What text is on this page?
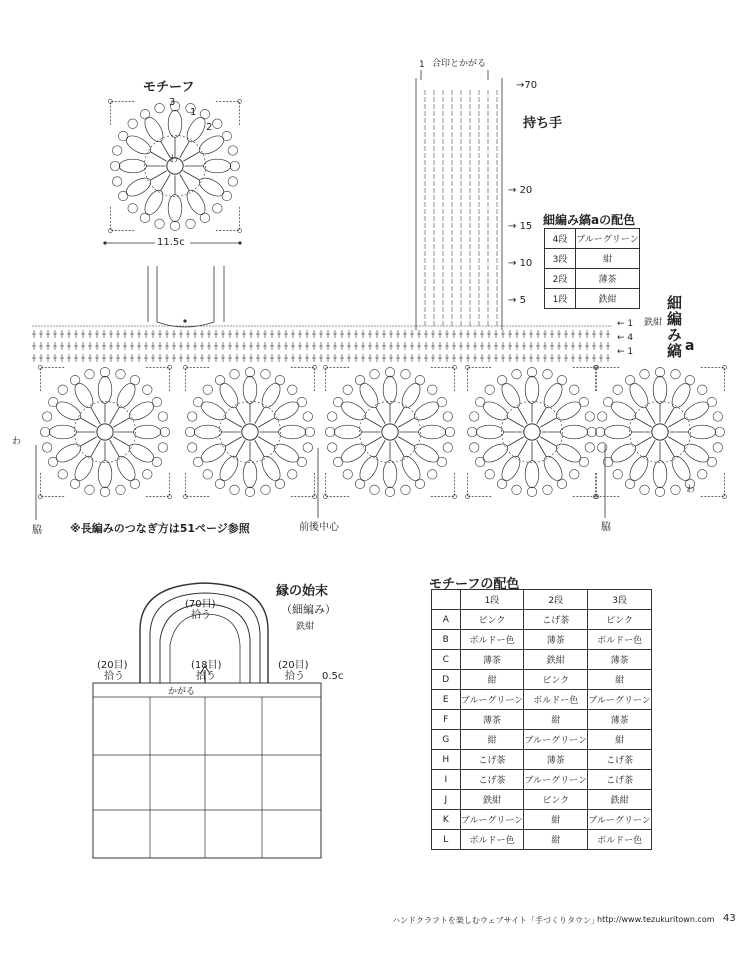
モチーフ
3
2
1
わ
11.5c
合印とかがる
1
持ち手
→70
→ 20
→ 15
→ 10
→ 5
細編み縞aの配色
4段	ブルーグリーン
3段	紺
2段	薄茶
1段	鉄紺
← 1
← 4
← 1
鉄紺 細編み縞 a
わ
わ
脇	脇
※長編みのつなぎ方は51ページ参照	前後中心
縁の始末
（細編み）
鉄紺
(70目)
拾う
(20目)
拾う
(18目)
拾う
(20目)
拾う
かがる
0.5c
モチーフの配色
	1段	2段	3段
A	ピンク	こげ茶	ピンク
B	ボルドー色	薄茶	ボルドー色
C	薄茶	鉄紺	薄茶
D	紺	ピンク	紺
E	ブルーグリーン	ボルドー色	ブルーグリーン
F	薄茶	紺	薄茶
G	紺	ブルーグリーン	紺
H	こげ茶	薄茶	こげ茶
I	こげ茶	ブルーグリーン	こげ茶
J	鉄紺	ピンク	鉄紺
K	ブルーグリーン	紺	ブルーグリーン
L	ボルドー色	紺	ボルドー色
ハンドクラフトを楽しむウェブサイト「手づくりタウン」
http://www.tezukuritown.com 43
